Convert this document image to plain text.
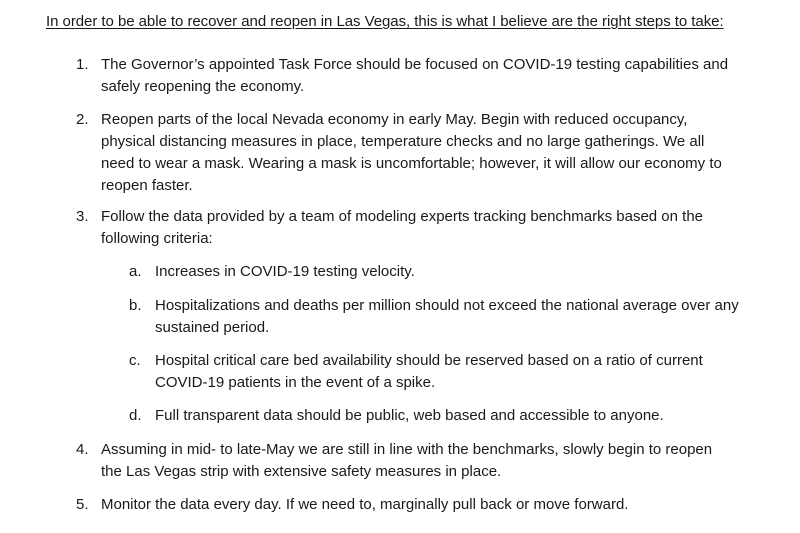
In order to be able to recover and reopen in Las Vegas, this is what I believe are the right steps to take:
1. The Governor’s appointed Task Force should be focused on COVID-19 testing capabilities and
safely reopening the economy.
2. Reopen parts of the local Nevada economy in early May. Begin with reduced occupancy,
physical distancing measures in place, temperature checks and no large gatherings. We all
need to wear a mask. Wearing a mask is uncomfortable; however, it will allow our economy to
reopen faster.
3. Follow the data provided by a team of modeling experts tracking benchmarks based on the
following criteria:
a. Increases in COVID-19 testing velocity.
b. Hospitalizations and deaths per million should not exceed the national average over any
sustained period.
c. Hospital critical care bed availability should be reserved based on a ratio of current
COVID-19 patients in the event of a spike.
d. Full transparent data should be public, web based and accessible to anyone.
4. Assuming in mid- to late-May we are still in line with the benchmarks, slowly begin to reopen
the Las Vegas strip with extensive safety measures in place.
5. Monitor the data every day. If we need to, marginally pull back or move forward.
